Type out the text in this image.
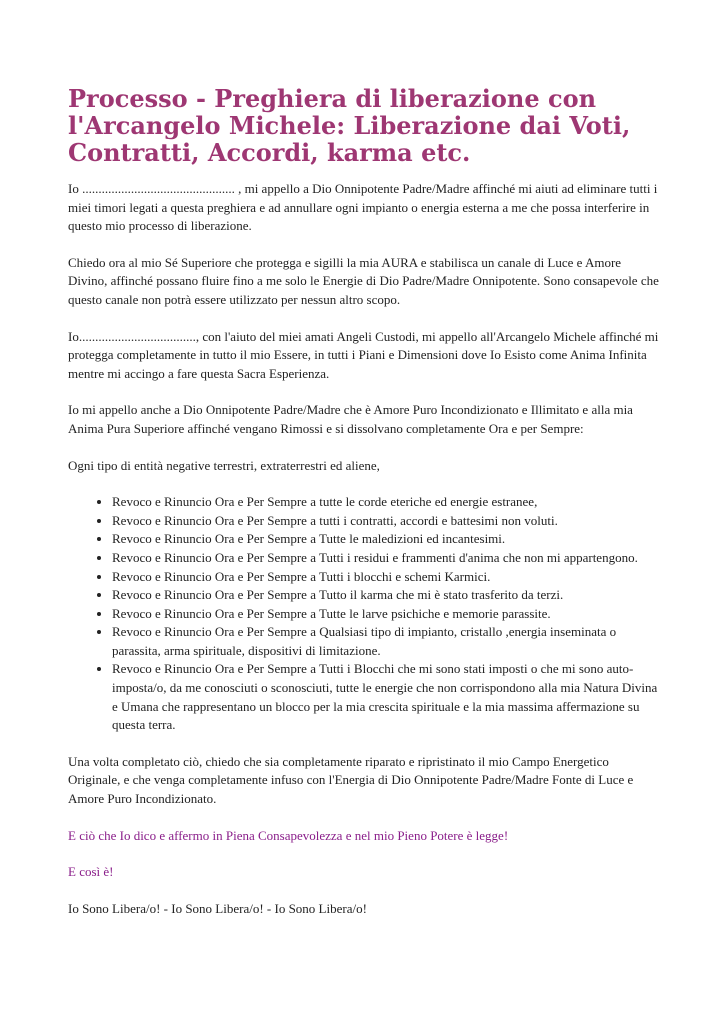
Processo - Preghiera di liberazione con l'Arcangelo Michele: Liberazione dai Voti, Contratti, Accordi, karma etc.

Io ............................................... , mi appello a Dio Onnipotente Padre/Madre affinché mi aiuti ad eliminare tutti i miei timori legati a questa preghiera e ad annullare ogni impianto o energia esterna a me che possa interferire in questo mio processo di liberazione.

Chiedo ora al mio Sé Superiore che protegga e sigilli la mia AURA e stabilisca un canale di Luce e Amore Divino, affinché possano fluire fino a me solo le Energie di Dio Padre/Madre Onnipotente. Sono consapevole che questo canale non potrà essere utilizzato per nessun altro scopo.

Io...................................., con l'aiuto del miei amati Angeli Custodi, mi appello all'Arcangelo Michele affinché mi protegga completamente in tutto il mio Essere, in tutti i Piani e Dimensioni dove Io Esisto come Anima Infinita mentre mi accingo a fare questa Sacra Esperienza.

Io mi appello anche a Dio Onnipotente Padre/Madre che è Amore Puro Incondizionato e Illimitato e alla mia Anima Pura Superiore affinché vengano Rimossi e si dissolvano completamente Ora e per Sempre:

Ogni tipo di entità negative terrestri, extraterrestri ed aliene,

• Revoco e Rinuncio Ora e Per Sempre a tutte le corde eteriche ed energie estranee,
• Revoco e Rinuncio Ora e Per Sempre a tutti i contratti, accordi e battesimi non voluti.
• Revoco e Rinuncio Ora e Per Sempre a Tutte le maledizioni ed incantesimi.
• Revoco e Rinuncio Ora e Per Sempre a Tutti i residui e frammenti d'anima che non mi appartengono.
• Revoco e Rinuncio Ora e Per Sempre a Tutti i blocchi e schemi Karmici.
• Revoco e Rinuncio Ora e Per Sempre a Tutto il karma che mi è stato trasferito da terzi.
• Revoco e Rinuncio Ora e Per Sempre a Tutte le larve psichiche e memorie parassite.
• Revoco e Rinuncio Ora e Per Sempre a Qualsiasi tipo di impianto, cristallo ,energia inseminata o parassita, arma spirituale, dispositivi di limitazione.
• Revoco e Rinuncio Ora e Per Sempre a Tutti i Blocchi che mi sono stati imposti o che mi sono auto-imposta/o, da me conosciuti o sconosciuti, tutte le energie che non corrispondono alla mia Natura Divina e Umana che rappresentano un blocco per la mia crescita spirituale e la mia massima affermazione su questa terra.

Una volta completato ciò, chiedo che sia completamente riparato e ripristinato il mio Campo Energetico Originale, e che venga completamente infuso con l'Energia di Dio Onnipotente Padre/Madre Fonte di Luce e Amore Puro Incondizionato.

E ciò che Io dico e affermo in Piena Consapevolezza e nel mio Pieno Potere è legge!

E così è!

Io Sono Libera/o! - Io Sono Libera/o! - Io Sono Libera/o!
